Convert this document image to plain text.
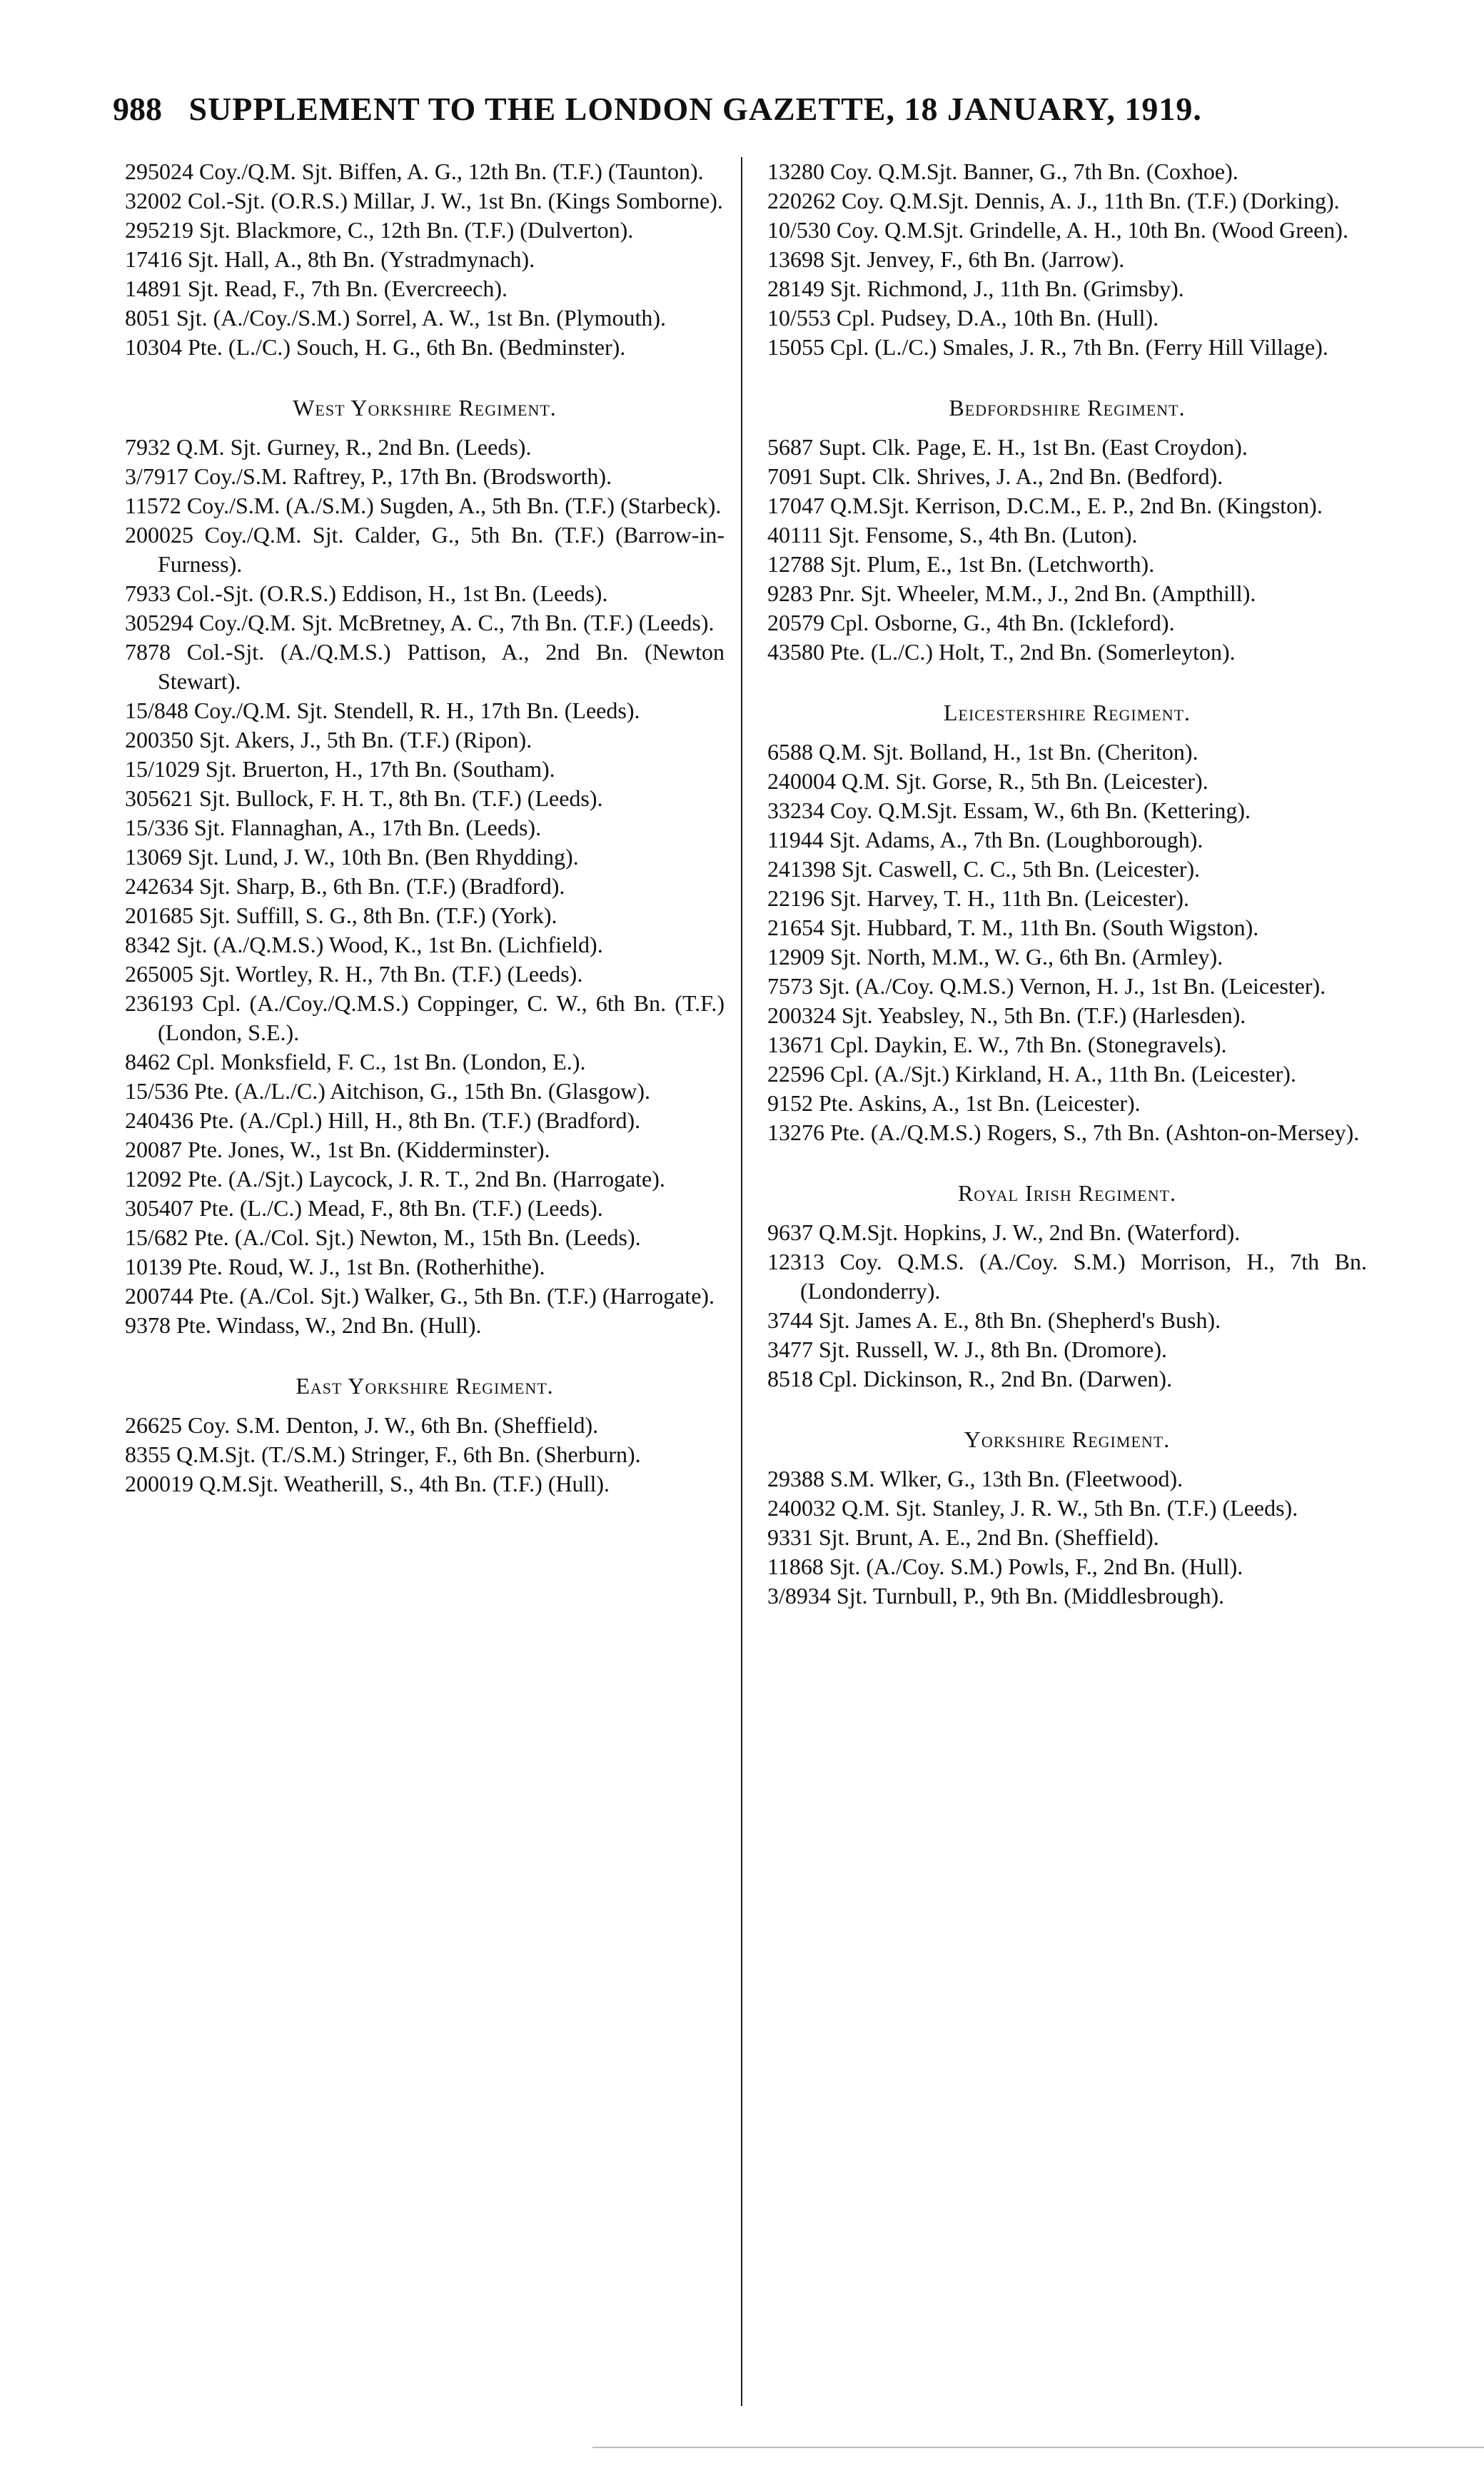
988 SUPPLEMENT TO THE LONDON GAZETTE, 18 JANUARY, 1919.

295024 Coy./Q.M. Sjt. Biffen, A. G., 12th Bn. (T.F.) (Taunton).

32002 Col.-Sjt. (O.R.S.) Millar, J. W., 1st Bn. (Kings Somborne).

295219 Sjt. Blackmore, C., 12th Bn. (T.F.) (Dulverton).

17416 Sjt. Hall, A., 8th Bn. (Ystradmynach).

14891 Sjt. Read, F., 7th Bn. (Evercreech).

8051 Sjt. (A./Coy./S.M.) Sorrel, A. W., 1st Bn. (Plymouth).

10304 Pte. (L./C.) Souch, H. G., 6th Bn. (Bedminster).

West Yorkshire Regiment.

7932 Q.M. Sjt. Gurney, R., 2nd Bn. (Leeds).

3/7917 Coy./S.M. Raftrey, P., 17th Bn. (Brodsworth).

11572 Coy./S.M. (A./S.M.) Sugden, A., 5th Bn. (T.F.) (Starbeck).

200025 Coy./Q.M. Sjt. Calder, G., 5th Bn. (T.F.) (Barrow-in-Furness).

7933 Col.-Sjt. (O.R.S.) Eddison, H., 1st Bn. (Leeds).

305294 Coy./Q.M. Sjt. McBretney, A. C., 7th Bn. (T.F.) (Leeds).

7878 Col.-Sjt. (A./Q.M.S.) Pattison, A., 2nd Bn. (Newton Stewart).

15/848 Coy./Q.M. Sjt. Stendell, R. H., 17th Bn. (Leeds).

200350 Sjt. Akers, J., 5th Bn. (T.F.) (Ripon).

15/1029 Sjt. Bruerton, H., 17th Bn. (Southam).

305621 Sjt. Bullock, F. H. T., 8th Bn. (T.F.) (Leeds).

15/336 Sjt. Flannaghan, A., 17th Bn. (Leeds).

13069 Sjt. Lund, J. W., 10th Bn. (Ben Rhydding).

242634 Sjt. Sharp, B., 6th Bn. (T.F.) (Bradford).

201685 Sjt. Suffill, S. G., 8th Bn. (T.F.) (York).

8342 Sjt. (A./Q.M.S.) Wood, K., 1st Bn. (Lichfield).

265005 Sjt. Wortley, R. H., 7th Bn. (T.F.) (Leeds).

236193 Cpl. (A./Coy./Q.M.S.) Coppinger, C. W., 6th Bn. (T.F.) (London, S.E.).

8462 Cpl. Monksfield, F. C., 1st Bn. (London, E.).

15/536 Pte. (A./L./C.) Aitchison, G., 15th Bn. (Glasgow).

240436 Pte. (A./Cpl.) Hill, H., 8th Bn. (T.F.) (Bradford).

20087 Pte. Jones, W., 1st Bn. (Kidderminster).

12092 Pte. (A./Sjt.) Laycock, J. R. T., 2nd Bn. (Harrogate).

305407 Pte. (L./C.) Mead, F., 8th Bn. (T.F.) (Leeds).

15/682 Pte. (A./Col. Sjt.) Newton, M., 15th Bn. (Leeds).

10139 Pte. Roud, W. J., 1st Bn. (Rotherhithe).

200744 Pte. (A./Col. Sjt.) Walker, G., 5th Bn. (T.F.) (Harrogate).

9378 Pte. Windass, W., 2nd Bn. (Hull).

East Yorkshire Regiment.

26625 Coy. S.M. Denton, J. W., 6th Bn. (Sheffield).

8355 Q.M.Sjt. (T./S.M.) Stringer, F., 6th Bn. (Sherburn).

200019 Q.M.Sjt. Weatherill, S., 4th Bn. (T.F.) (Hull).

13280 Coy. Q.M.Sjt. Banner, G., 7th Bn. (Coxhoe).

220262 Coy. Q.M.Sjt. Dennis, A. J., 11th Bn. (T.F.) (Dorking).

10/530 Coy. Q.M.Sjt. Grindelle, A. H., 10th Bn. (Wood Green).

13698 Sjt. Jenvey, F., 6th Bn. (Jarrow).

28149 Sjt. Richmond, J., 11th Bn. (Grimsby).

10/553 Cpl. Pudsey, D.A., 10th Bn. (Hull).

15055 Cpl. (L./C.) Smales, J. R., 7th Bn. (Ferry Hill Village).

Bedfordshire Regiment.

5687 Supt. Clk. Page, E. H., 1st Bn. (East Croydon).

7091 Supt. Clk. Shrives, J. A., 2nd Bn. (Bedford).

17047 Q.M.Sjt. Kerrison, D.C.M., E. P., 2nd Bn. (Kingston).

40111 Sjt. Fensome, S., 4th Bn. (Luton).

12788 Sjt. Plum, E., 1st Bn. (Letchworth).

9283 Pnr. Sjt. Wheeler, M.M., J., 2nd Bn. (Ampthill).

20579 Cpl. Osborne, G., 4th Bn. (Ickleford).

43580 Pte. (L./C.) Holt, T., 2nd Bn. (Somerleyton).

Leicestershire Regiment.

6588 Q.M. Sjt. Bolland, H., 1st Bn. (Cheriton).

240004 Q.M. Sjt. Gorse, R., 5th Bn. (Leicester).

33234 Coy. Q.M.Sjt. Essam, W., 6th Bn. (Kettering).

11944 Sjt. Adams, A., 7th Bn. (Loughborough).

241398 Sjt. Caswell, C. C., 5th Bn. (Leicester).

22196 Sjt. Harvey, T. H., 11th Bn. (Leicester).

21654 Sjt. Hubbard, T. M., 11th Bn. (South Wigston).

12909 Sjt. North, M.M., W. G., 6th Bn. (Armley).

7573 Sjt. (A./Coy. Q.M.S.) Vernon, H. J., 1st Bn. (Leicester).

200324 Sjt. Yeabsley, N., 5th Bn. (T.F.) (Harlesden).

13671 Cpl. Daykin, E. W., 7th Bn. (Stonegravels).

22596 Cpl. (A./Sjt.) Kirkland, H. A., 11th Bn. (Leicester).

9152 Pte. Askins, A., 1st Bn. (Leicester).

13276 Pte. (A./Q.M.S.) Rogers, S., 7th Bn. (Ashton-on-Mersey).

Royal Irish Regiment.

9637 Q.M.Sjt. Hopkins, J. W., 2nd Bn. (Waterford).

12313 Coy. Q.M.S. (A./Coy. S.M.) Morrison, H., 7th Bn. (Londonderry).

3744 Sjt. James A. E., 8th Bn. (Shepherd's Bush).

3477 Sjt. Russell, W. J., 8th Bn. (Dromore).

8518 Cpl. Dickinson, R., 2nd Bn. (Darwen).

Yorkshire Regiment.

29388 S.M. Wlker, G., 13th Bn. (Fleetwood).

240032 Q.M. Sjt. Stanley, J. R. W., 5th Bn. (T.F.) (Leeds).

9331 Sjt. Brunt, A. E., 2nd Bn. (Sheffield).

11868 Sjt. (A./Coy. S.M.) Powls, F., 2nd Bn. (Hull).

3/8934 Sjt. Turnbull, P., 9th Bn. (Middlesbrough).
